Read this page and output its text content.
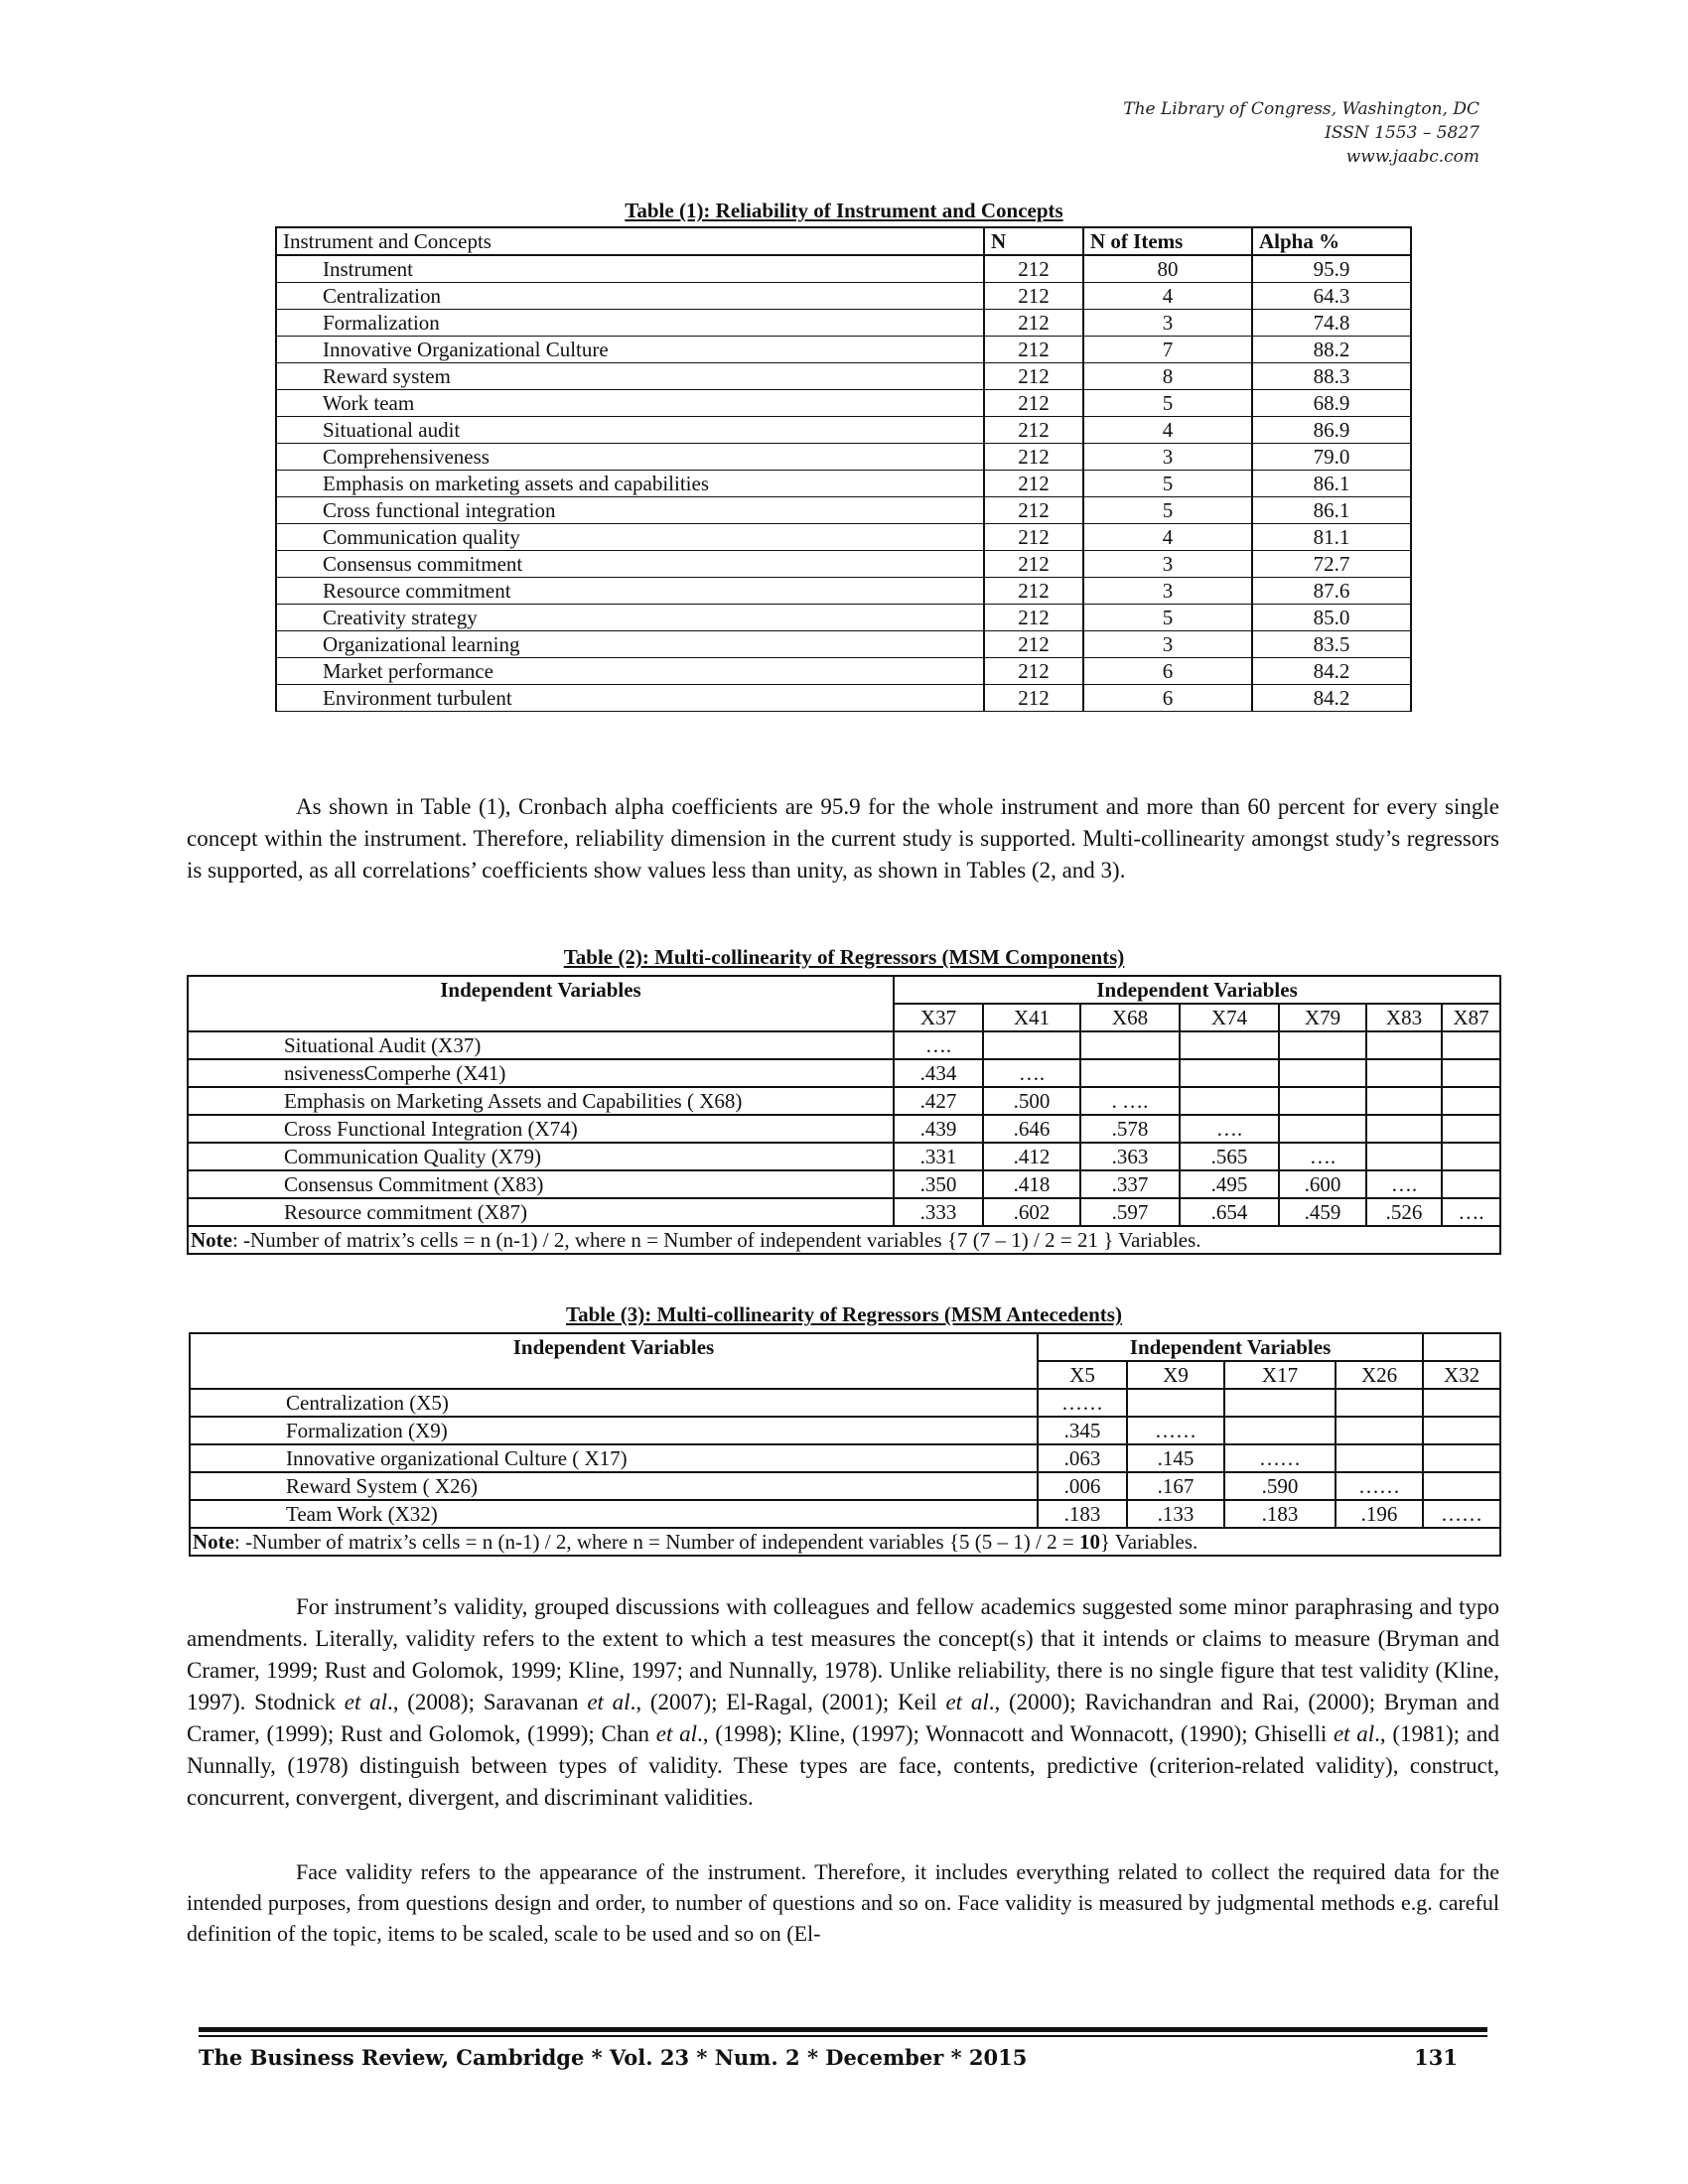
The Library of Congress, Washington, DC
ISSN 1553 – 5827
www.jaabc.com
Table (1): Reliability of Instrument and Concepts
Instrument and Concepts	N	N of Items	Alpha %
Instrument	212	80	95.9
Centralization	212	4	64.3
Formalization	212	3	74.8
Innovative Organizational Culture	212	7	88.2
Reward system	212	8	88.3
Work team	212	5	68.9
Situational audit	212	4	86.9
Comprehensiveness	212	3	79.0
Emphasis on marketing assets and capabilities	212	5	86.1
Cross functional integration	212	5	86.1
Communication quality	212	4	81.1
Consensus commitment	212	3	72.7
Resource commitment	212	3	87.6
Creativity strategy	212	5	85.0
Organizational learning	212	3	83.5
Market performance	212	6	84.2
Environment turbulent	212	6	84.2

As shown in Table (1), Cronbach alpha coefficients are 95.9 for the whole instrument and more than 60 percent for every single concept within the instrument. Therefore, reliability dimension in the current study is supported. Multi-collinearity amongst study’s regressors is supported, as all correlations’ coefficients show values less than unity, as shown in Tables (2, and 3).

Table (2): Multi-collinearity of Regressors (MSM Components)
Independent Variables	Independent Variables						
	X37	X41	X68	X74	X79	X83	X87
Situational Audit (X37)	….						
nsivenessComperhe (X41)	.434	….					
Emphasis on Marketing Assets and Capabilities ( X68)	.427	.500	. ….				
Cross Functional Integration (X74)	.439	.646	.578	….			
Communication Quality (X79)	.331	.412	.363	.565	….		
Consensus Commitment (X83)	.350	.418	.337	.495	.600	….	
Resource commitment (X87)	.333	.602	.597	.654	.459	.526	….
Note: -Number of matrix’s cells = n (n-1) / 2, where n = Number of independent variables {7 (7 – 1) / 2 = 21 } Variables.							
Table (3): Multi-collinearity of Regressors (MSM Antecedents)
Independent Variables	Independent Variables				
	X5	X9	X17	X26	X32
Centralization (X5)	……				
Formalization (X9)	.345	……			
Innovative organizational Culture ( X17)	.063	.145	……		
Reward System ( X26)	.006	.167	.590	……	
Team Work (X32)	.183	.133	.183	.196	……
Note: -Number of matrix’s cells = n (n-1) / 2, where n = Number of independent variables {5 (5 – 1) / 2 = 10} Variables.					

For instrument’s validity, grouped discussions with colleagues and fellow academics suggested some minor paraphrasing and typo amendments. Literally, validity refers to the extent to which a test measures the concept(s) that it intends or claims to measure (Bryman and Cramer, 1999; Rust and Golomok, 1999; Kline, 1997; and Nunnally, 1978). Unlike reliability, there is no single figure that test validity (Kline, 1997). Stodnick et al., (2008); Saravanan et al., (2007); El-Ragal, (2001); Keil et al., (2000); Ravichandran and Rai, (2000); Bryman and Cramer, (1999); Rust and Golomok, (1999); Chan et al., (1998); Kline, (1997); Wonnacott and Wonnacott, (1990); Ghiselli et al., (1981); and Nunnally, (1978) distinguish between types of validity. These types are face, contents, predictive (criterion-related validity), construct, concurrent, convergent, divergent, and discriminant validities.

Face validity refers to the appearance of the instrument. Therefore, it includes everything related to collect the required data for the intended purposes, from questions design and order, to number of questions and so on. Face validity is measured by judgmental methods e.g. careful definition of the topic, items to be scaled, scale to be used and so on (El-

The Business Review, Cambridge * Vol. 23 * Num. 2 * December * 2015	131
